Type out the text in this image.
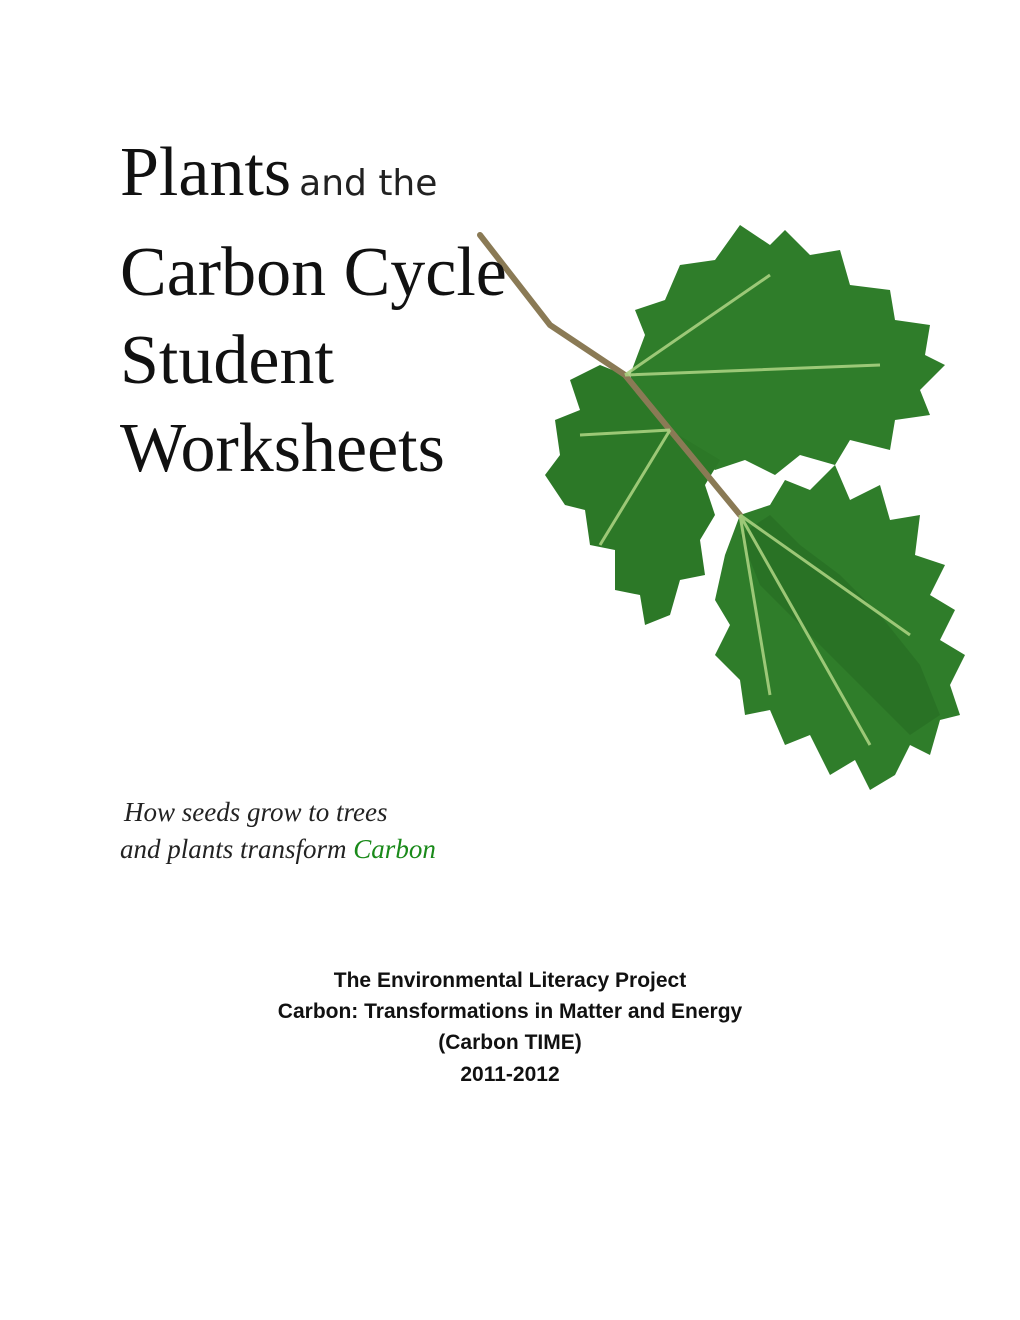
Plants and the
Carbon Cycle
Student
Worksheets
How seeds grow to trees
and plants transform Carbon
The Environmental Literacy Project
Carbon: Transformations in Matter and Energy
(Carbon TIME)
2011-2012
